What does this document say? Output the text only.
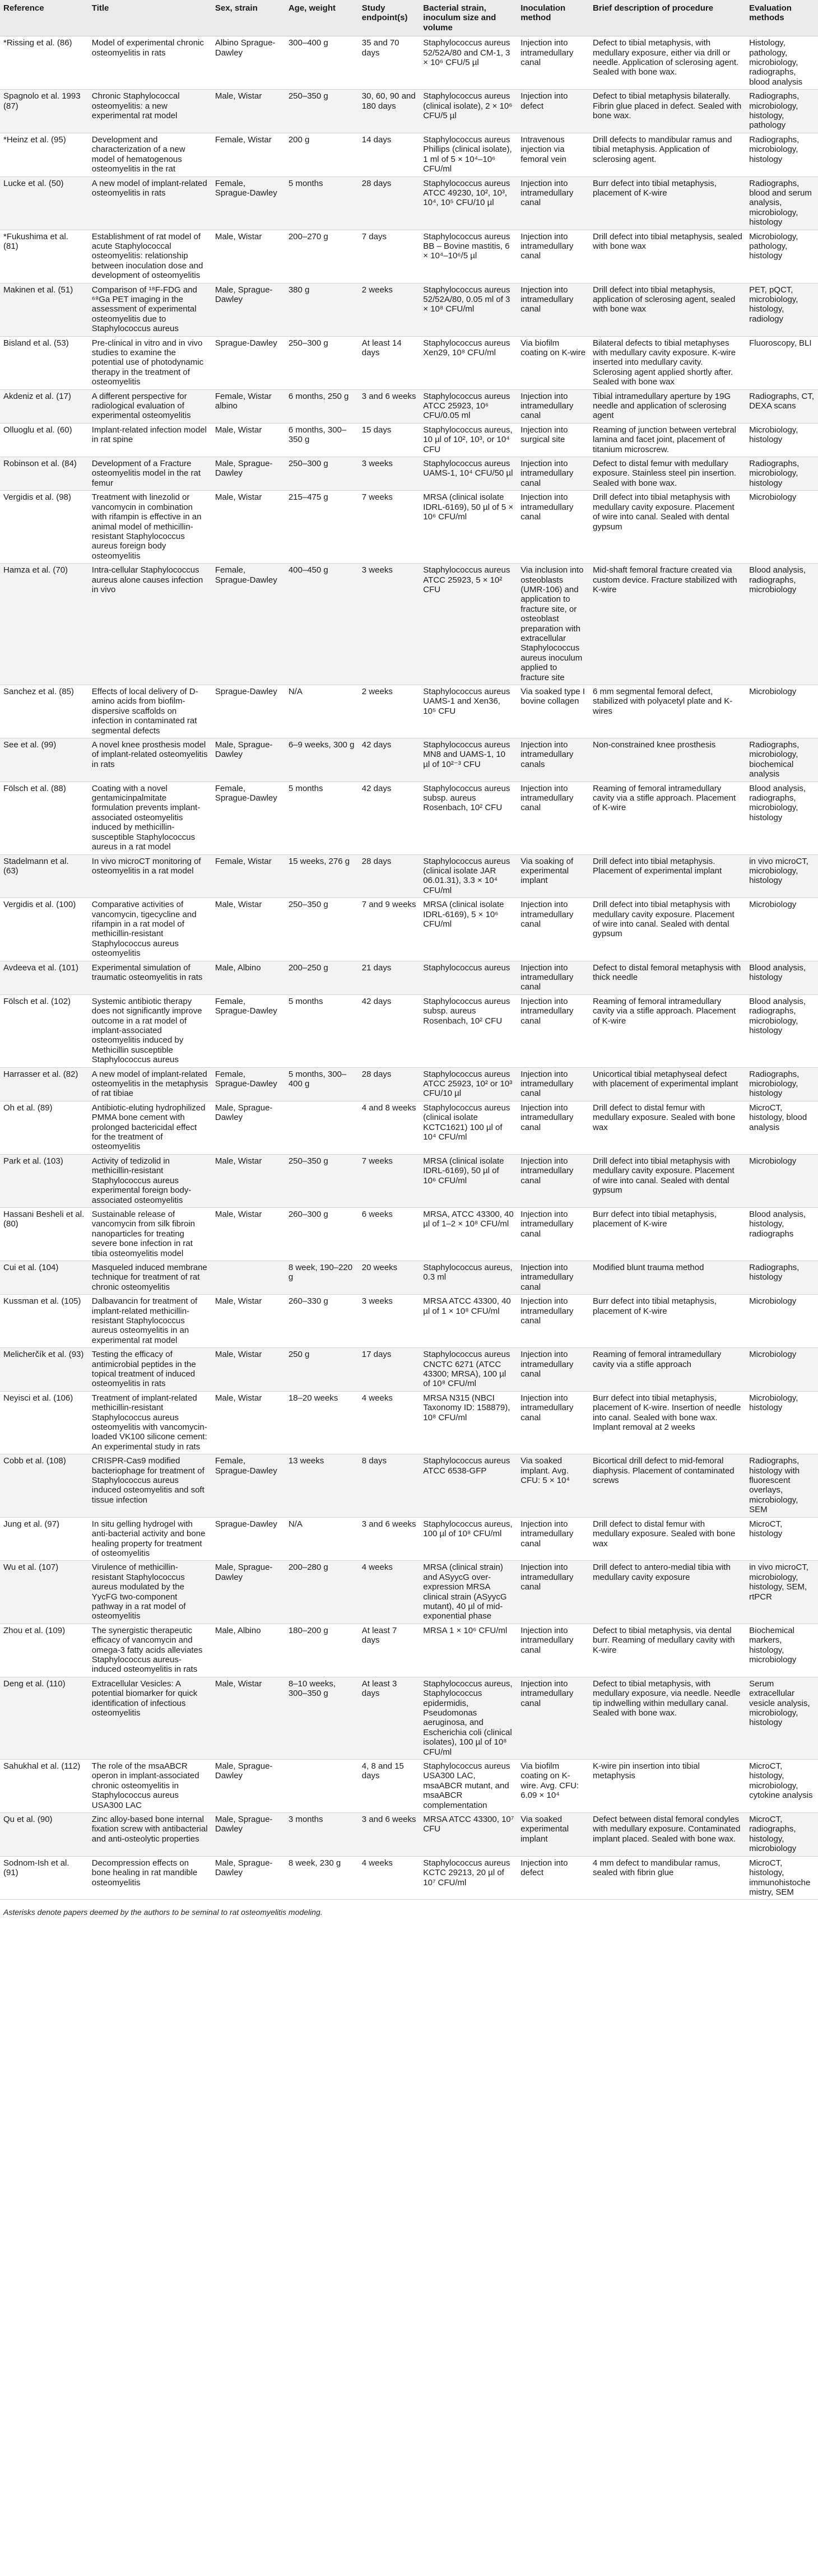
Reference	Title	Sex, strain	Age, weight	Study endpoint(s)	Bacterial strain, inoculum size and volume	Inoculation method	Brief description of procedure	Evaluation methods
*Rissing et al. (86)	Model of experimental chronic osteomyelitis in rats	Albino Sprague-Dawley	300–400 g	35 and 70 days	Staphylococcus aureus 52/52A/80 and CM-1, 3 × 10⁶ CFU/5 µl	Injection into intramedullary canal	Defect to tibial metaphysis, with medullary exposure, either via drill or needle. Application of sclerosing agent. Sealed with bone wax.	Histology, pathology, microbiology, radiographs, blood analysis
Spagnolo et al. 1993 (87)	Chronic Staphylococcal osteomyelitis: a new experimental rat model	Male, Wistar	250–350 g	30, 60, 90 and 180 days	Staphylococcus aureus (clinical isolate), 2 × 10⁶ CFU/5 µl	Injection into defect	Defect to tibial metaphysis bilaterally. Fibrin glue placed in defect. Sealed with bone wax.	Radiographs, microbiology, histology, pathology
*Heinz et al. (95)	Development and characterization of a new model of hematogenous osteomyelitis in the rat	Female, Wistar	200 g	14 days	Staphylococcus aureus Phillips (clinical isolate), 1 ml of 5 × 10⁴–10⁶ CFU/ml	Intravenous injection via femoral vein	Drill defects to mandibular ramus and tibial metaphysis. Application of sclerosing agent.	Radiographs, microbiology, histology
Lucke et al. (50)	A new model of implant-related osteomyelitis in rats	Female, Sprague-Dawley	5 months	28 days	Staphylococcus aureus ATCC 49230, 10², 10³, 10⁴, 10⁵ CFU/10 µl	Injection into intramedullary canal	Burr defect into tibial metaphysis, placement of K-wire	Radiographs, blood and serum analysis, microbiology, histology
*Fukushima et al. (81)	Establishment of rat model of acute Staphylococcal osteomyelitis: relationship between inoculation dose and development of osteomyelitis	Male, Wistar	200–270 g	7 days	Staphylococcus aureus BB – Bovine mastitis, 6 × 10⁴–10⁶/5 µl	Injection into intramedullary canal	Drill defect into tibial metaphysis, sealed with bone wax	Microbiology, pathology, histology
Makinen et al. (51)	Comparison of ¹⁸F-FDG and ⁶⁸Ga PET imaging in the assessment of experimental osteomyelitis due to Staphylococcus aureus	Male, Sprague-Dawley	380 g	2 weeks	Staphylococcus aureus 52/52A/80, 0.05 ml of 3 × 10⁸ CFU/ml	Injection into intramedullary canal	Drill defect into tibial metaphysis, application of sclerosing agent, sealed with bone wax	PET, pQCT, microbiology, histology, radiology
Bisland et al. (53)	Pre-clinical in vitro and in vivo studies to examine the potential use of photodynamic therapy in the treatment of osteomyelitis	Sprague-Dawley	250–300 g	At least 14 days	Staphylococcus aureus Xen29, 10⁸ CFU/ml	Via biofilm coating on K-wire	Bilateral defects to tibial metaphyses with medullary cavity exposure. K-wire inserted into medullary cavity. Sclerosing agent applied shortly after. Sealed with bone wax	Fluoroscopy, BLI
Akdeniz et al. (17)	A different perspective for radiological evaluation of experimental osteomyelitis	Female, Wistar albino	6 months, 250 g	3 and 6 weeks	Staphylococcus aureus ATCC 25923, 10⁶ CFU/0.05 ml	Injection into intramedullary canal	Tibial intramedullary aperture by 19G needle and application of sclerosing agent	Radiographs, CT, DEXA scans
Olluoglu et al. (60)	Implant-related infection model in rat spine	Male, Wistar	6 months, 300–350 g	15 days	Staphylococcus aureus, 10 µl of 10², 10³, or 10⁴ CFU	Injection into surgical site	Reaming of junction between vertebral lamina and facet joint, placement of titanium microscrew.	Microbiology, histology
Robinson et al. (84)	Development of a Fracture osteomyelitis model in the rat femur	Male, Sprague-Dawley	250–300 g	3 weeks	Staphylococcus aureus UAMS-1, 10⁴ CFU/50 µl	Injection into intramedullary canal	Defect to distal femur with medullary exposure. Stainless steel pin insertion. Sealed with bone wax.	Radiographs, microbiology, histology
Vergidis et al. (98)	Treatment with linezolid or vancomycin in combination with rifampin is effective in an animal model of methicillin-resistant Staphylococcus aureus foreign body osteomyelitis	Male, Wistar	215–475 g	7 weeks	MRSA (clinical isolate IDRL-6169), 50 µl of 5 × 10⁶ CFU/ml	Injection into intramedullary canal	Drill defect into tibial metaphysis with medullary cavity exposure. Placement of wire into canal. Sealed with dental gypsum	Microbiology
Hamza et al. (70)	Intra-cellular Staphylococcus aureus alone causes infection in vivo	Female, Sprague-Dawley	400–450 g	3 weeks	Staphylococcus aureus ATCC 25923, 5 × 10² CFU	Via inclusion into osteoblasts (UMR-106) and application to fracture site, or osteoblast preparation with extracellular Staphylococcus aureus inoculum applied to fracture site	Mid-shaft femoral fracture created via custom device. Fracture stabilized with K-wire	Blood analysis, radiographs, microbiology
Sanchez et al. (85)	Effects of local delivery of D-amino acids from biofilm-dispersive scaffolds on infection in contaminated rat segmental defects	Sprague-Dawley	N/A	2 weeks	Staphylococcus aureus UAMS-1 and Xen36, 10⁵ CFU	Via soaked type I bovine collagen	6 mm segmental femoral defect, stabilized with polyacetyl plate and K-wires	Microbiology
See et al. (99)	A novel knee prosthesis model of implant-related osteomyelitis in rats	Male, Sprague-Dawley	6–9 weeks, 300 g	42 days	Staphylococcus aureus MN8 and UAMS-1, 10 µl of 10²⁻³ CFU	Injection into intramedullary canals	Non-constrained knee prosthesis	Radiographs, microbiology, biochemical analysis
Fölsch et al. (88)	Coating with a novel gentamicinpalmitate formulation prevents implant-associated osteomyelitis induced by methicillin-susceptible Staphylococcus aureus in a rat model	Female, Sprague-Dawley	5 months	42 days	Staphylococcus aureus subsp. aureus Rosenbach, 10² CFU	Injection into intramedullary canal	Reaming of femoral intramedullary cavity via a stifle approach. Placement of K-wire	Blood analysis, radiographs, microbiology, histology
Stadelmann et al. (63)	In vivo microCT monitoring of osteomyelitis in a rat model	Female, Wistar	15 weeks, 276 g	28 days	Staphylococcus aureus (clinical isolate JAR 06.01.31), 3.3 × 10⁴ CFU/ml	Via soaking of experimental implant	Drill defect into tibial metaphysis. Placement of experimental implant	in vivo microCT, microbiology, histology
Vergidis et al. (100)	Comparative activities of vancomycin, tigecycline and rifampin in a rat model of methicillin-resistant Staphylococcus aureus osteomyelitis	Male, Wistar	250–350 g	7 and 9 weeks	MRSA (clinical isolate IDRL-6169), 5 × 10⁶ CFU/ml	Injection into intramedullary canal	Drill defect into tibial metaphysis with medullary cavity exposure. Placement of wire into canal. Sealed with dental gypsum	Microbiology
Avdeeva et al. (101)	Experimental simulation of traumatic osteomyelitis in rats	Male, Albino	200–250 g	21 days	Staphylococcus aureus	Injection into intramedullary canal	Defect to distal femoral metaphysis with thick needle	Blood analysis, histology
Fölsch et al. (102)	Systemic antibiotic therapy does not significantly improve outcome in a rat model of implant-associated osteomyelitis induced by Methicillin susceptible Staphylococcus aureus	Female, Sprague-Dawley	5 months	42 days	Staphylococcus aureus subsp. aureus Rosenbach, 10² CFU	Injection into intramedullary canal	Reaming of femoral intramedullary cavity via a stifle approach. Placement of K-wire	Blood analysis, radiographs, microbiology, histology
Harrasser et al. (82)	A new model of implant-related osteomyelitis in the metaphysis of rat tibiae	Female, Sprague-Dawley	5 months, 300–400 g	28 days	Staphylococcus aureus ATCC 25923, 10² or 10³ CFU/10 µl	Injection into intramedullary canal	Unicortical tibial metaphyseal defect with placement of experimental implant	Radiographs, microbiology, histology
Oh et al. (89)	Antibiotic-eluting hydrophilized PMMA bone cement with prolonged bactericidal effect for the treatment of osteomyelitis	Male, Sprague-Dawley		4 and 8 weeks	Staphylococcus aureus (clinical isolate KCTC1621) 100 µl of 10⁴ CFU/ml	Injection into intramedullary canal	Drill defect to distal femur with medullary exposure. Sealed with bone wax	MicroCT, histology, blood analysis
Park et al. (103)	Activity of tedizolid in methicillin-resistant Staphylococcus aureus experimental foreign body-associated osteomyelitis	Male, Wistar	250–350 g	7 weeks	MRSA (clinical isolate IDRL-6169), 50 µl of 10⁶ CFU/ml	Injection into intramedullary canal	Drill defect into tibial metaphysis with medullary cavity exposure. Placement of wire into canal. Sealed with dental gypsum	Microbiology
Hassani Besheli et al. (80)	Sustainable release of vancomycin from silk fibroin nanoparticles for treating severe bone infection in rat tibia osteomyelitis model	Male, Wistar	260–300 g	6 weeks	MRSA, ATCC 43300, 40 µl of 1–2 × 10⁸ CFU/ml	Injection into intramedullary canal	Burr defect into tibial metaphysis, placement of K-wire	Blood analysis, histology, radiographs
Cui et al. (104)	Masqueled induced membrane technique for treatment of rat chronic osteomyelitis		8 week, 190–220 g	20 weeks	Staphylococcus aureus, 0.3 ml	Injection into intramedullary canal	Modified blunt trauma method	Radiographs, histology
Kussman et al. (105)	Dalbavancin for treatment of implant-related methicillin-resistant Staphylococcus aureus osteomyelitis in an experimental rat model	Male, Wistar	260–330 g	3 weeks	MRSA ATCC 43300, 40 µl of 1 × 10⁸ CFU/ml	Injection into intramedullary canal	Burr defect into tibial metaphysis, placement of K-wire	Microbiology
Melicherčík et al. (93)	Testing the efficacy of antimicrobial peptides in the topical treatment of induced osteomyelitis in rats	Male, Wistar	250 g	17 days	Staphylococcus aureus CNCTC 6271 (ATCC 43300; MRSA), 100 µl of 10⁸ CFU/ml	Injection into intramedullary canal	Reaming of femoral intramedullary cavity via a stifle approach	Microbiology
Neyisci et al. (106)	Treatment of implant-related methicillin-resistant Staphylococcus aureus osteomyelitis with vancomycin-loaded VK100 silicone cement: An experimental study in rats	Male, Wistar	18–20 weeks	4 weeks	MRSA N315 (NBCI Taxonomy ID: 158879), 10⁸ CFU/ml	Injection into intramedullary canal	Burr defect into tibial metaphysis, placement of K-wire. Insertion of needle into canal. Sealed with bone wax. Implant removal at 2 weeks	Microbiology, histology
Cobb et al. (108)	CRISPR-Cas9 modified bacteriophage for treatment of Staphylococcus aureus induced osteomyelitis and soft tissue infection	Female, Sprague-Dawley	13 weeks	8 days	Staphylococcus aureus ATCC 6538-GFP	Via soaked implant. Avg. CFU: 5 × 10⁴	Bicortical drill defect to mid-femoral diaphysis. Placement of contaminated screws	Radiographs, histology with fluorescent overlays, microbiology, SEM
Jung et al. (97)	In situ gelling hydrogel with anti-bacterial activity and bone healing property for treatment of osteomyelitis	Sprague-Dawley	N/A	3 and 6 weeks	Staphylococcus aureus, 100 µl of 10⁸ CFU/ml	Injection into intramedullary canal	Drill defect to distal femur with medullary exposure. Sealed with bone wax	MicroCT, histology
Wu et al. (107)	Virulence of methicillin-resistant Staphylococcus aureus modulated by the YycFG two-component pathway in a rat model of osteomyelitis	Male, Sprague-Dawley	200–280 g	4 weeks	MRSA (clinical strain) and ASyycG over-expression MRSA clinical strain (ASyycG mutant), 40 µl of mid-exponential phase	Injection into intramedullary canal	Drill defect to antero-medial tibia with medullary cavity exposure	in vivo microCT, microbiology, histology, SEM, rtPCR
Zhou et al. (109)	The synergistic therapeutic efficacy of vancomycin and omega-3 fatty acids alleviates Staphylococcus aureus-induced osteomyelitis in rats	Male, Albino	180–200 g	At least 7 days	MRSA 1 × 10⁶ CFU/ml	Injection into intramedullary canal	Defect to tibial metaphysis, via dental burr. Reaming of medullary cavity with K-wire	Biochemical markers, histology, microbiology
Deng et al. (110)	Extracellular Vesicles: A potential biomarker for quick identification of infectious osteomyelitis	Male, Wistar	8–10 weeks, 300–350 g	At least 3 days	Staphylococcus aureus, Staphylococcus epidermidis, Pseudomonas aeruginosa, and Escherichia coli (clinical isolates), 100 µl of 10⁸ CFU/ml	Injection into intramedullary canal	Defect to tibial metaphysis, with medullary exposure, via needle. Needle tip indwelling within medullary canal. Sealed with bone wax.	Serum extracellular vesicle analysis, microbiology, histology
Sahukhal et al. (112)	The role of the msaABCR operon in implant-associated chronic osteomyelitis in Staphylococcus aureus USA300 LAC	Male, Sprague-Dawley		4, 8 and 15 days	Staphylococcus aureus USA300 LAC, msaABCR mutant, and msaABCR complementation	Via biofilm coating on K-wire. Avg. CFU: 6.09 × 10⁴	K-wire pin insertion into tibial metaphysis	MicroCT, histology, microbiology, cytokine analysis
Qu et al. (90)	Zinc alloy-based bone internal fixation screw with antibacterial and anti-osteolytic properties	Male, Sprague-Dawley	3 months	3 and 6 weeks	MRSA ATCC 43300, 10⁷ CFU	Via soaked experimental implant	Defect between distal femoral condyles with medullary exposure. Contaminated implant placed. Sealed with bone wax.	MicroCT, radiographs, histology, microbiology
Sodnom-Ish et al. (91)	Decompression effects on bone healing in rat mandible osteomyelitis	Male, Sprague-Dawley	8 week, 230 g	4 weeks	Staphylococcus aureus KCTC 29213, 20 µl of 10⁷ CFU/ml	Injection into defect	4 mm defect to mandibular ramus, sealed with fibrin glue	MicroCT, histology, immunohistochemistry, SEM
Asterisks denote papers deemed by the authors to be seminal to rat osteomyelitis modeling.
